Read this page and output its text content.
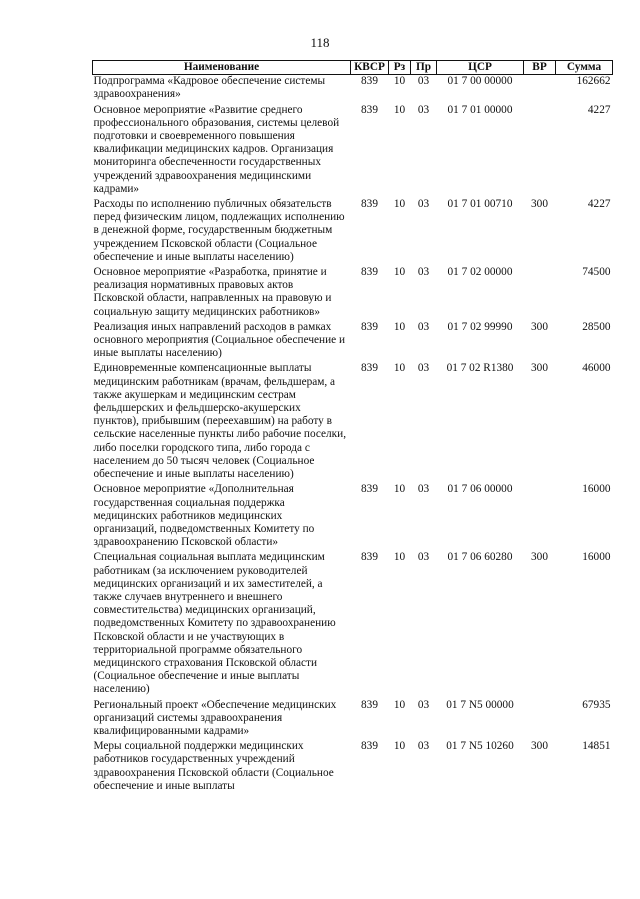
118
Наименование	КВСР	Рз	Пр	ЦСР	ВР	Сумма
Подпрограмма «Кадровое обеспечение системы здравоохранения»	839	10	03	01 7 00 00000		162662
Основное мероприятие «Развитие среднего профессионального образования, системы целевой подготовки и своевременного повышения квалификации медицинских кадров. Организация мониторинга обеспеченности государственных учреждений здравоохранения медицинскими кадрами»	839	10	03	01 7 01 00000		4227
Расходы по исполнению публичных обязательств перед физическим лицом, подлежащих исполнению в денежной форме, государственным бюджетным учреждением Псковской области (Социальное обеспечение и иные выплаты населению)	839	10	03	01 7 01 00710	300	4227
Основное мероприятие «Разработка, принятие и реализация нормативных правовых актов Псковской области, направленных на правовую и социальную защиту медицинских работников»	839	10	03	01 7 02 00000		74500
Реализация иных направлений расходов в рамках основного мероприятия (Социальное обеспечение и иные выплаты населению)	839	10	03	01 7 02 99990	300	28500
Единовременные компенсационные выплаты медицинским работникам (врачам, фельдшерам, а также акушеркам и медицинским сестрам фельдшерских и фельдшерско-акушерских пунктов), прибывшим (переехавшим) на работу в сельские населенные пункты либо рабочие поселки, либо поселки городского типа, либо города с населением до 50 тысяч человек (Социальное обеспечение и иные выплаты населению)	839	10	03	01 7 02 R1380	300	46000
Основное мероприятие «Дополнительная государственная социальная поддержка медицинских работников медицинских организаций, подведомственных Комитету по здравоохранению Псковской области»	839	10	03	01 7 06 00000		16000
Специальная социальная выплата медицинским работникам (за исключением руководителей медицинских организаций и их заместителей, а также случаев внутреннего и внешнего совместительства) медицинских организаций, подведомственных Комитету по здравоохранению Псковской области и не участвующих в территориальной программе обязательного медицинского страхования Псковской области (Социальное обеспечение и иные выплаты населению)	839	10	03	01 7 06 60280	300	16000
Региональный проект «Обеспечение медицинских организаций системы здравоохранения квалифицированными кадрами»	839	10	03	01 7 N5 00000		67935
Меры социальной поддержки медицинских работников государственных учреждений здравоохранения Псковской области (Социальное обеспечение и иные выплаты	839	10	03	01 7 N5 10260	300	14851
